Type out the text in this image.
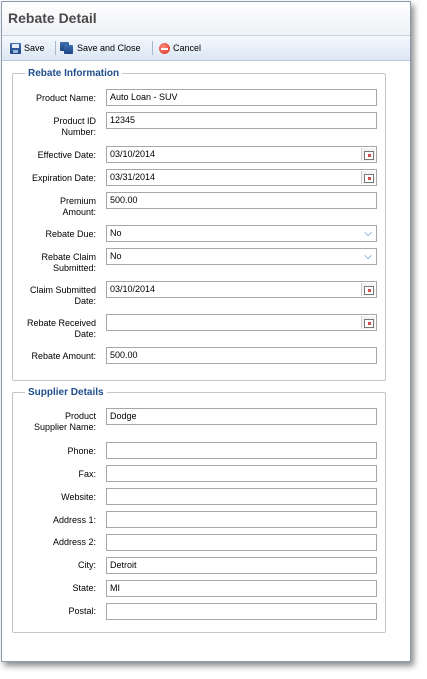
Rebate Detail
Save	Save and Close	Cancel
Rebate Information
Product Name:	Auto Loan - SUV
Product ID
Number:
12345
Effective Date:	03/10/2014
Expiration Date:	03/31/2014
Premium
Amount:
500.00
Rebate Due:	No	⌵
Rebate Claim
Submitted:
No	⌵
Claim Submitted
Date:
03/10/2014
Rebate Received
Date:
Rebate Amount:	500.00
Supplier Details
Product
Supplier Name:
Dodge
Phone:
Fax:
Website:
Address 1:
Address 2:
City:	Detroit
State:	MI
Postal:
